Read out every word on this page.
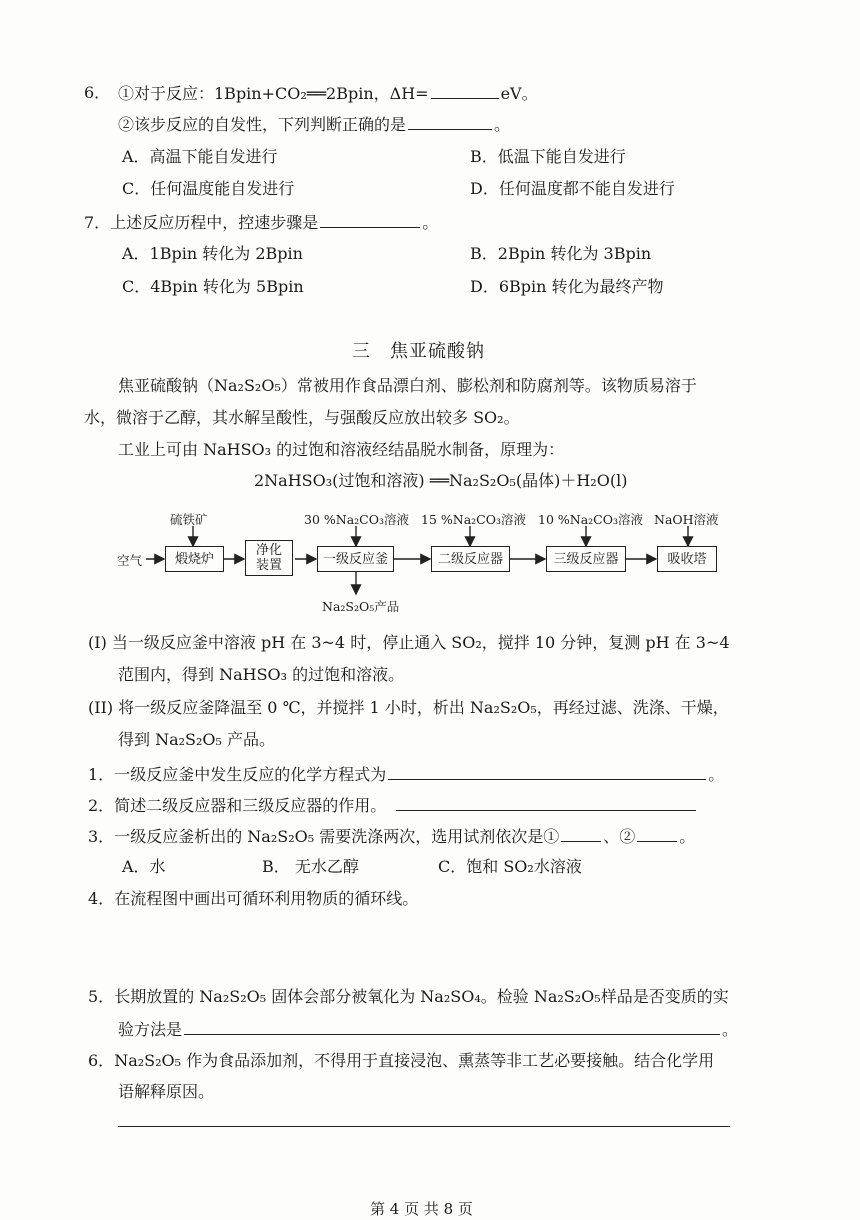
6． ①对于反应：1Bpin+CO₂══2Bpin，ΔH=	eV。
②该步反应的自发性，下列判断正确的是	。
A．高温下能自发进行	B．低温下能自发进行
C．任何温度能自发进行	D．任何温度都不能自发进行
7．上述反应历程中，控速步骤是	。
A．1Bpin 转化为 2Bpin	B．2Bpin 转化为 3Bpin
C．4Bpin 转化为 5Bpin	D．6Bpin 转化为最终产物
三　焦亚硫酸钠
焦亚硫酸钠（Na₂S₂O₅）常被用作食品漂白剂、膨松剂和防腐剂等。该物质易溶于
水，微溶于乙醇，其水解呈酸性，与强酸反应放出较多 SO₂。
工业上可由 NaHSO₃ 的过饱和溶液经结晶脱水制备，原理为：
2NaHSO₃(过饱和溶液) ══Na₂S₂O₅(晶体)＋H₂O(l)
空气
硫铁矿	30 %Na₂CO₃溶液 15 %Na₂CO₃溶液 10 %Na₂CO₃溶液 NaOH溶液
煅烧炉
净化装置	一级反应釜	二级反应器	三级反应器	吸收塔
Na₂S₂O₅产品
(I) 当一级反应釜中溶液 pH 在 3~4 时，停止通入 SO₂，搅拌 10 分钟，复测 pH 在 3~4
范围内，得到 NaHSO₃ 的过饱和溶液。
(II) 将一级反应釜降温至 0 ℃，并搅拌 1 小时，析出 Na₂S₂O₅，再经过滤、洗涤、干燥，
得到 Na₂S₂O₅ 产品。
1．一级反应釜中发生反应的化学方程式为	。
2．简述二级反应器和三级反应器的作用。
3．一级反应釜析出的 Na₂S₂O₅ 需要洗涤两次，选用试剂依次是①	、②	。
A．水	B． 无水乙醇	C．饱和 SO₂水溶液
4．在流程图中画出可循环利用物质的循环线。
5．长期放置的 Na₂S₂O₅ 固体会部分被氧化为 Na₂SO₄。检验 Na₂S₂O₅样品是否变质的实
验方法是	。
6．Na₂S₂O₅ 作为食品添加剂，不得用于直接浸泡、熏蒸等非工艺必要接触。结合化学用
语解释原因。
第 4 页 共 8 页
